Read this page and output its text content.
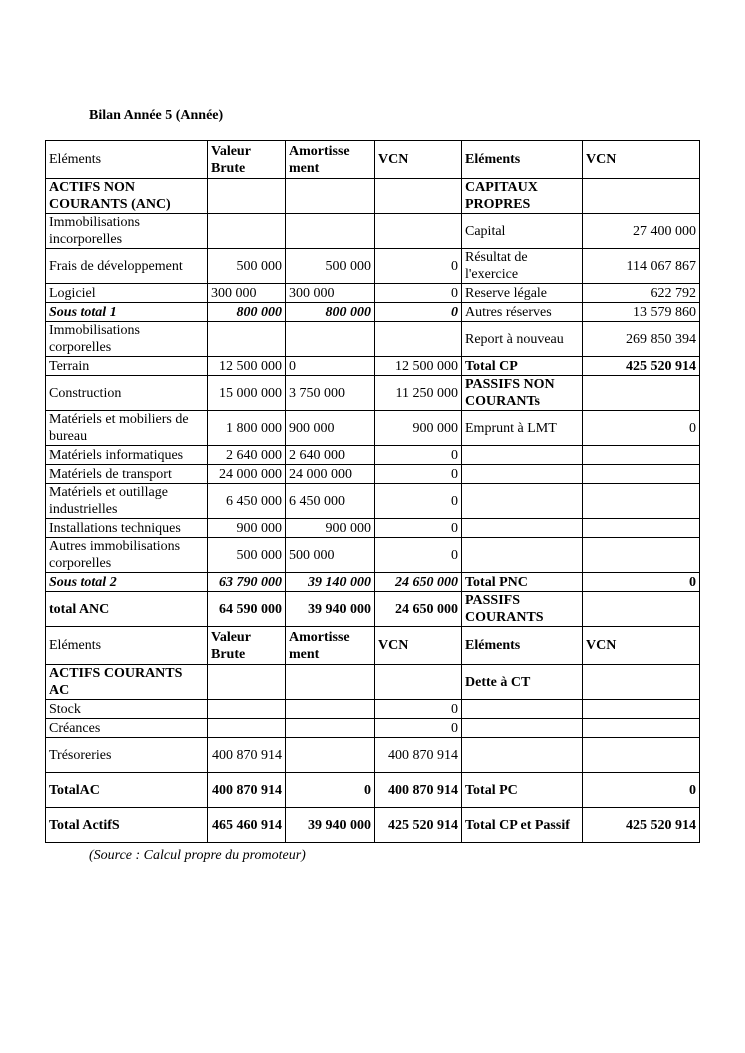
Bilan Année 5 (Année)
Eléments	Valeur Brute	Amortisse ment	VCN	Eléments	VCN
ACTIFS NON COURANTS (ANC)				CAPITAUX PROPRES	
Immobilisations incorporelles				Capital	27 400 000
Frais de développement	500 000	500 000	0	Résultat de l'exercice	114 067 867
Logiciel	300 000	300 000	0	Reserve légale	622 792
Sous total 1	800 000	800 000	0	Autres réserves	13 579 860
Immobilisations corporelles				Report à nouveau	269 850 394
Terrain	12 500 000	0	12 500 000	Total CP	425 520 914
Construction	15 000 000	3 750 000	11 250 000	PASSIFS NON COURANTs	
Matériels et mobiliers de bureau	1 800 000	900 000	900 000	Emprunt à LMT	0
Matériels informatiques	2 640 000	2 640 000	0		
Matériels de transport	24 000 000	24 000 000	0		
Matériels et outillage industrielles	6 450 000	6 450 000	0		
Installations techniques	900 000	900 000	0		
Autres immobilisations corporelles	500 000	500 000	0		
Sous total 2	63 790 000	39 140 000	24 650 000	Total PNC	0
total ANC	64 590 000	39 940 000	24 650 000	PASSIFS COURANTS	
Eléments	Valeur Brute	Amortisse ment	VCN	Eléments	VCN
ACTIFS COURANTS AC				Dette à CT	
Stock			0		
Créances			0		
Trésoreries	400 870 914		400 870 914		
TotalAC	400 870 914	0	400 870 914	Total PC	0
Total ActifS	465 460 914	39 940 000	425 520 914	Total CP et Passif	425 520 914
(Source : Calcul propre du promoteur)
